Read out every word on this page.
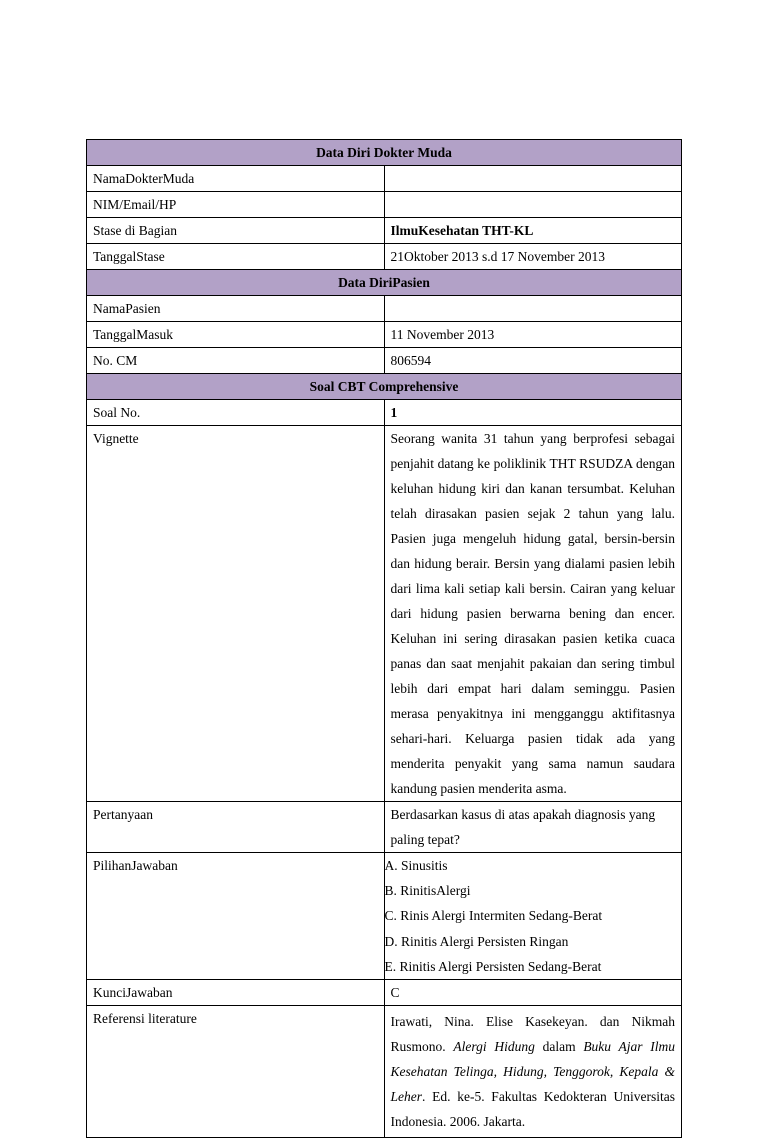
Data Diri Dokter Muda	
NamaDokterMuda	
NIM/Email/HP	
Stase di Bagian	IlmuKesehatan THT-KL
TanggalStase	21Oktober 2013 s.d 17 November 2013
Data DiriPasien	
NamaPasien	
TanggalMasuk	11 November 2013
No. CM	806594
Soal CBT Comprehensive	
Soal No.	1
Vignette	Seorang wanita 31 tahun yang berprofesi sebagai penjahit datang ke poliklinik THT RSUDZA dengan keluhan hidung kiri dan kanan tersumbat. Keluhan telah dirasakan pasien sejak 2 tahun yang lalu. Pasien juga mengeluh hidung gatal, bersin-bersin dan hidung berair. Bersin yang dialami pasien lebih dari lima kali setiap kali bersin. Cairan yang keluar dari hidung pasien berwarna bening dan encer. Keluhan ini sering dirasakan pasien ketika cuaca panas dan saat menjahit pakaian dan sering timbul lebih dari empat hari dalam seminggu. Pasien merasa penyakitnya ini mengganggu aktifitasnya sehari-hari. Keluarga pasien tidak ada yang menderita penyakit yang sama namun saudara kandung pasien menderita asma.
Pertanyaan	Berdasarkan kasus di atas apakah diagnosis yang paling tepat?
PilihanJawaban	A. Sinusitis
B. RinitisAlergi
C. Rinis Alergi Intermiten Sedang-Berat
D. Rinitis Alergi Persisten Ringan
E. Rinitis Alergi Persisten Sedang-Berat

KunciJawaban	C
Referensi literature	Irawati, Nina. Elise Kasekeyan. dan Nikmah Rusmono. Alergi Hidung dalam Buku Ajar Ilmu Kesehatan Telinga, Hidung, Tenggorok, Kepala & Leher. Ed. ke-5. Fakultas Kedokteran Universitas Indonesia. 2006. Jakarta.
